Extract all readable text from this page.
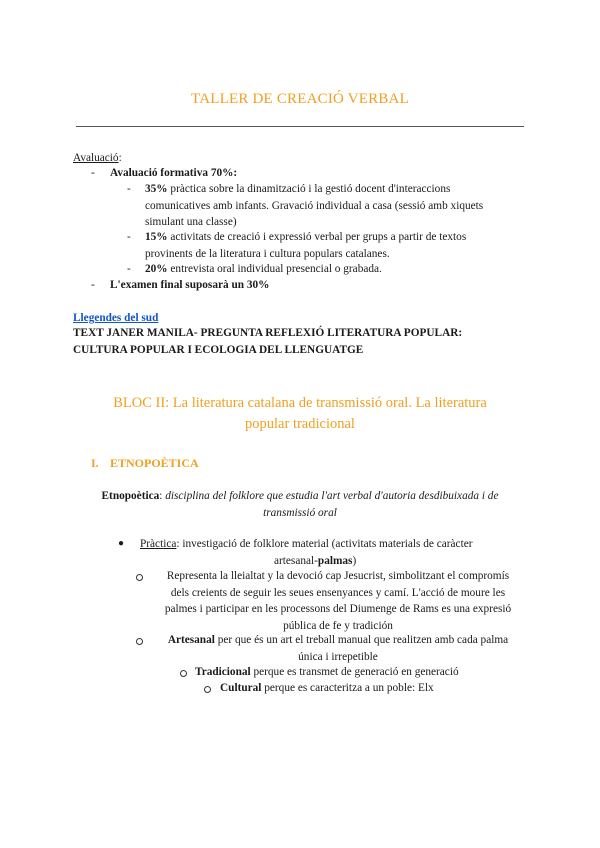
TALLER DE CREACIÓ VERBAL
Avaluació:
- Avaluació formativa 70%:
- 35% pràctica sobre la dinamització i la gestió docent d'interaccions
comunicatives amb infants. Gravació individual a casa (sessió amb xiquets
simulant una classe)
- 15% activitats de creació i expressió verbal per grups a partir de textos
provinents de la literatura i cultura populars catalanes.
- 20% entrevista oral individual presencial o grabada.
- L'examen final suposarà un 30%
Llegendes del sud
TEXT JANER MANILA- PREGUNTA REFLEXIÓ LITERATURA POPULAR:
CULTURA POPULAR I ECOLOGIA DEL LLENGUATGE
BLOC II: La literatura catalana de transmissió oral. La literatura
popular tradicional
I. ETNOPOÈTICA
Etnopoètica: disciplina del folklore que estudia l'art verbal d'autoria desdibuixada i de
transmissió oral
● Pràctica: investigació de folklore material (activitats materials de caràcter
artesanal-palmas)
Representa la lleialtat y la devoció cap Jesucrist, simbolitzant el compromís
dels creients de seguir les seues ensenyances y camí. L'acció de moure les
palmes i participar en les processons del Diumenge de Rams es una expresió
pública de fe y tradición
Artesanal per que és un art el treball manual que realitzen amb cada palma
única i irrepetible
Tradicional perque es transmet de generació en generació
Cultural perque es caracteritza a un poble: Elx
